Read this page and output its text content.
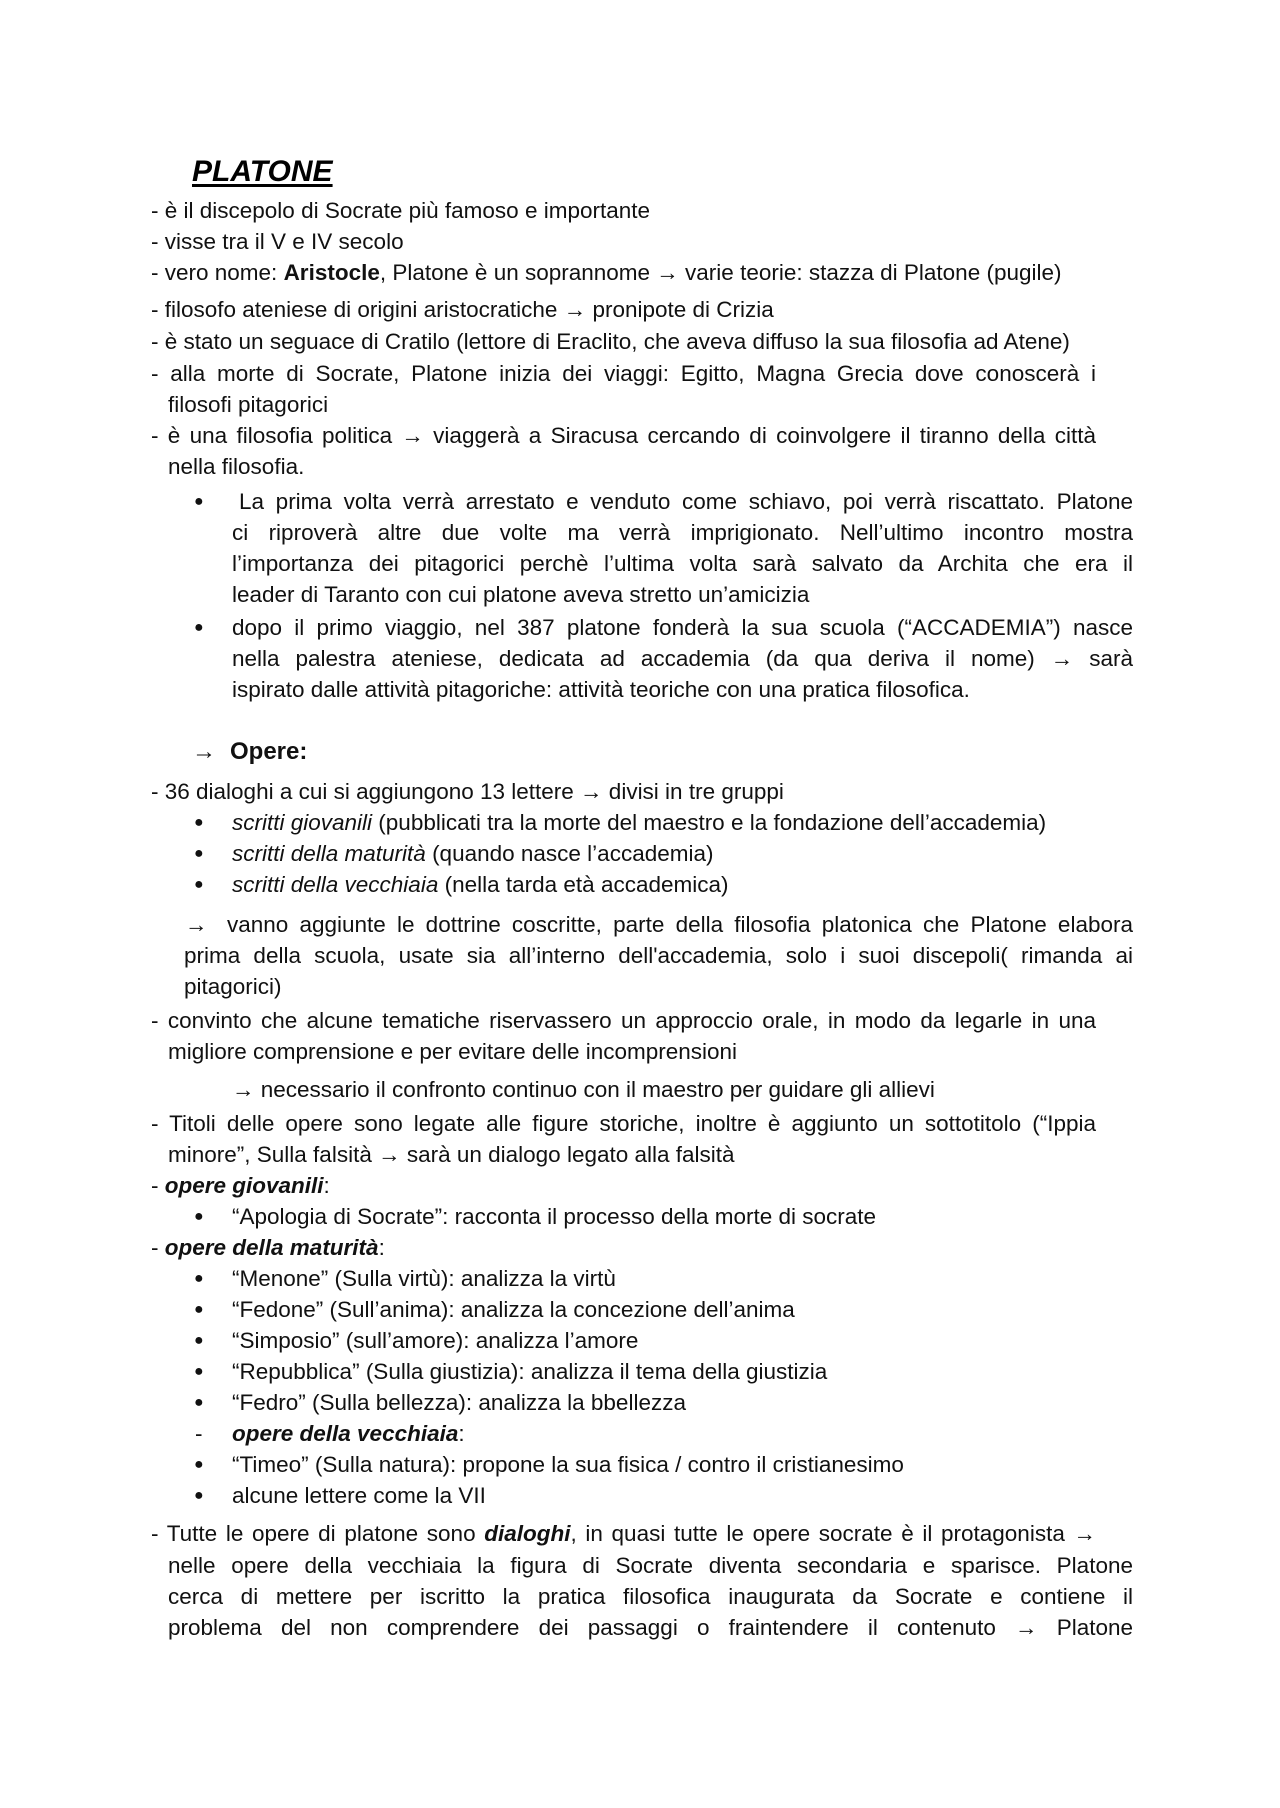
PLATONE
- è il discepolo di Socrate più famoso e importante
- visse tra il V e IV secolo
- vero nome: Aristocle, Platone è un soprannome → varie teorie: stazza di Platone (pugile)
- filosofo ateniese di origini aristocratiche → pronipote di Crizia
- è stato un seguace di Cratilo (lettore di Eraclito, che aveva diffuso la sua filosofia ad Atene)
- alla morte di Socrate, Platone inizia dei viaggi: Egitto, Magna Grecia dove conoscerà i
filosofi pitagorici
- è una filosofia politica → viaggerà a Siracusa cercando di coinvolgere il tiranno della città
nella filosofia.
● La prima volta verrà arrestato e venduto come schiavo, poi verrà riscattato. Platone
ci riproverà altre due volte ma verrà imprigionato. Nell’ultimo incontro mostra
l’importanza dei pitagorici perchè l’ultima volta sarà salvato da Archita che era il
leader di Taranto con cui platone aveva stretto un’amicizia
● dopo il primo viaggio, nel 387 platone fonderà la sua scuola (“ACCADEMIA”) nasce
nella palestra ateniese, dedicata ad accademia (da qua deriva il nome) → sarà
ispirato dalle attività pitagoriche: attività teoriche con una pratica filosofica.
→ Opere:
- 36 dialoghi a cui si aggiungono 13 lettere → divisi in tre gruppi
● scritti giovanili (pubblicati tra la morte del maestro e la fondazione dell’accademia)
● scritti della maturità (quando nasce l’accademia)
● scritti della vecchiaia (nella tarda età accademica)
→ vanno aggiunte le dottrine coscritte, parte della filosofia platonica che Platone elabora
prima della scuola, usate sia all’interno dell'accademia, solo i suoi discepoli( rimanda ai
pitagorici)
- convinto che alcune tematiche riservassero un approccio orale, in modo da legarle in una
migliore comprensione e per evitare delle incomprensioni
→ necessario il confronto continuo con il maestro per guidare gli allievi
- Titoli delle opere sono legate alle figure storiche, inoltre è aggiunto un sottotitolo (“Ippia
minore”, Sulla falsità → sarà un dialogo legato alla falsità
- opere giovanili:
● “Apologia di Socrate”: racconta il processo della morte di socrate
- opere della maturità:
● “Menone” (Sulla virtù): analizza la virtù
● “Fedone” (Sull’anima): analizza la concezione dell’anima
● “Simposio” (sull’amore): analizza l’amore
● “Repubblica” (Sulla giustizia): analizza il tema della giustizia
● “Fedro” (Sulla bellezza): analizza la bbellezza
- opere della vecchiaia:
● “Timeo” (Sulla natura): propone la sua fisica / contro il cristianesimo
● alcune lettere come la VII
- Tutte le opere di platone sono dialoghi, in quasi tutte le opere socrate è il protagonista →
nelle opere della vecchiaia la figura di Socrate diventa secondaria e sparisce. Platone
cerca di mettere per iscritto la pratica filosofica inaugurata da Socrate e contiene il
problema del non comprendere dei passaggi o fraintendere il contenuto → Platone
